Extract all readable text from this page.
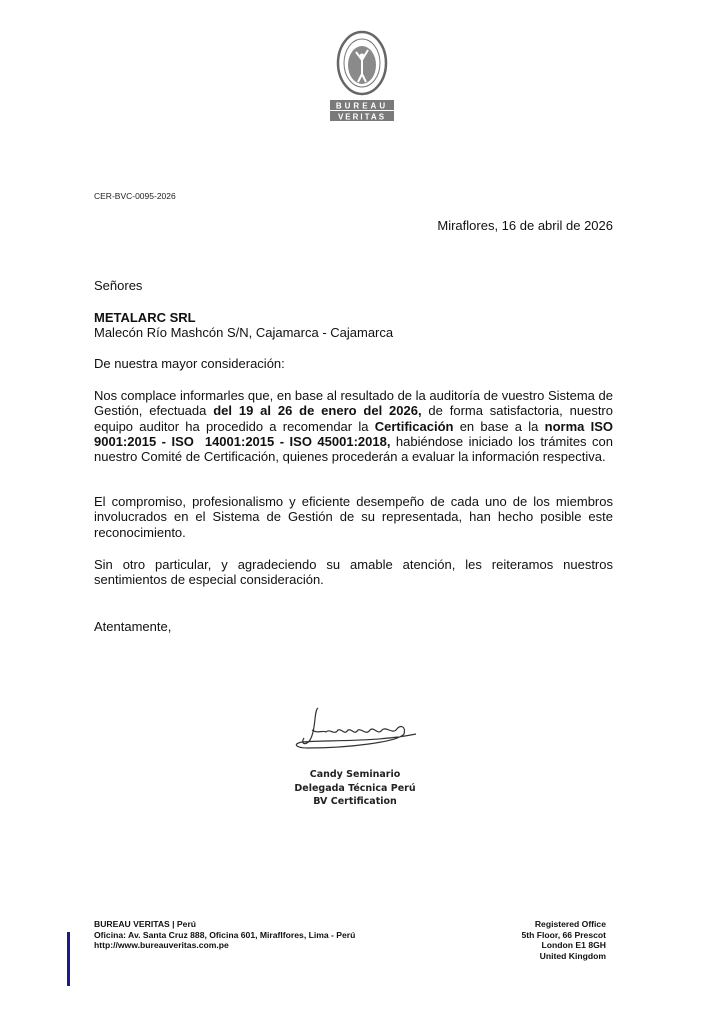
BUREAU
VERITAS
CER-BVC-0095-2026
Miraflores, 16 de abril de 2026
Señores
METALARC SRL
Malecón Río Mashcón S/N, Cajamarca - Cajamarca
De nuestra mayor consideración:
Nos complace informarles que, en base al resultado de la auditoría de vuestro Sistema de Gestión, efectuada del 19 al 26 de enero del 2026, de forma satisfactoria, nuestro equipo auditor ha procedido a recomendar la Certificación en base a la norma ISO 9001:2015 - ISO  14001:2015 - ISO 45001:2018, habiéndose iniciado los trámites con nuestro Comité de Certificación, quienes procederán a evaluar la información respectiva.
El compromiso, profesionalismo y eficiente desempeño de cada uno de los miembros involucrados en el Sistema de Gestión de su representada, han hecho posible este reconocimiento.
Sin otro particular, y agradeciendo su amable atención, les reiteramos nuestros sentimientos de especial consideración.
Atentamente,
Candy Seminario
Delegada Técnica Perú
BV Certification
BUREAU VERITAS | Perú
Oficina: Av. Santa Cruz 888, Oficina 601, Miraflfores, Lima - Perú
http://www.bureauveritas.com.pe
Registered Office
5th Floor, 66 Prescot
London E1 8GH
United Kingdom
